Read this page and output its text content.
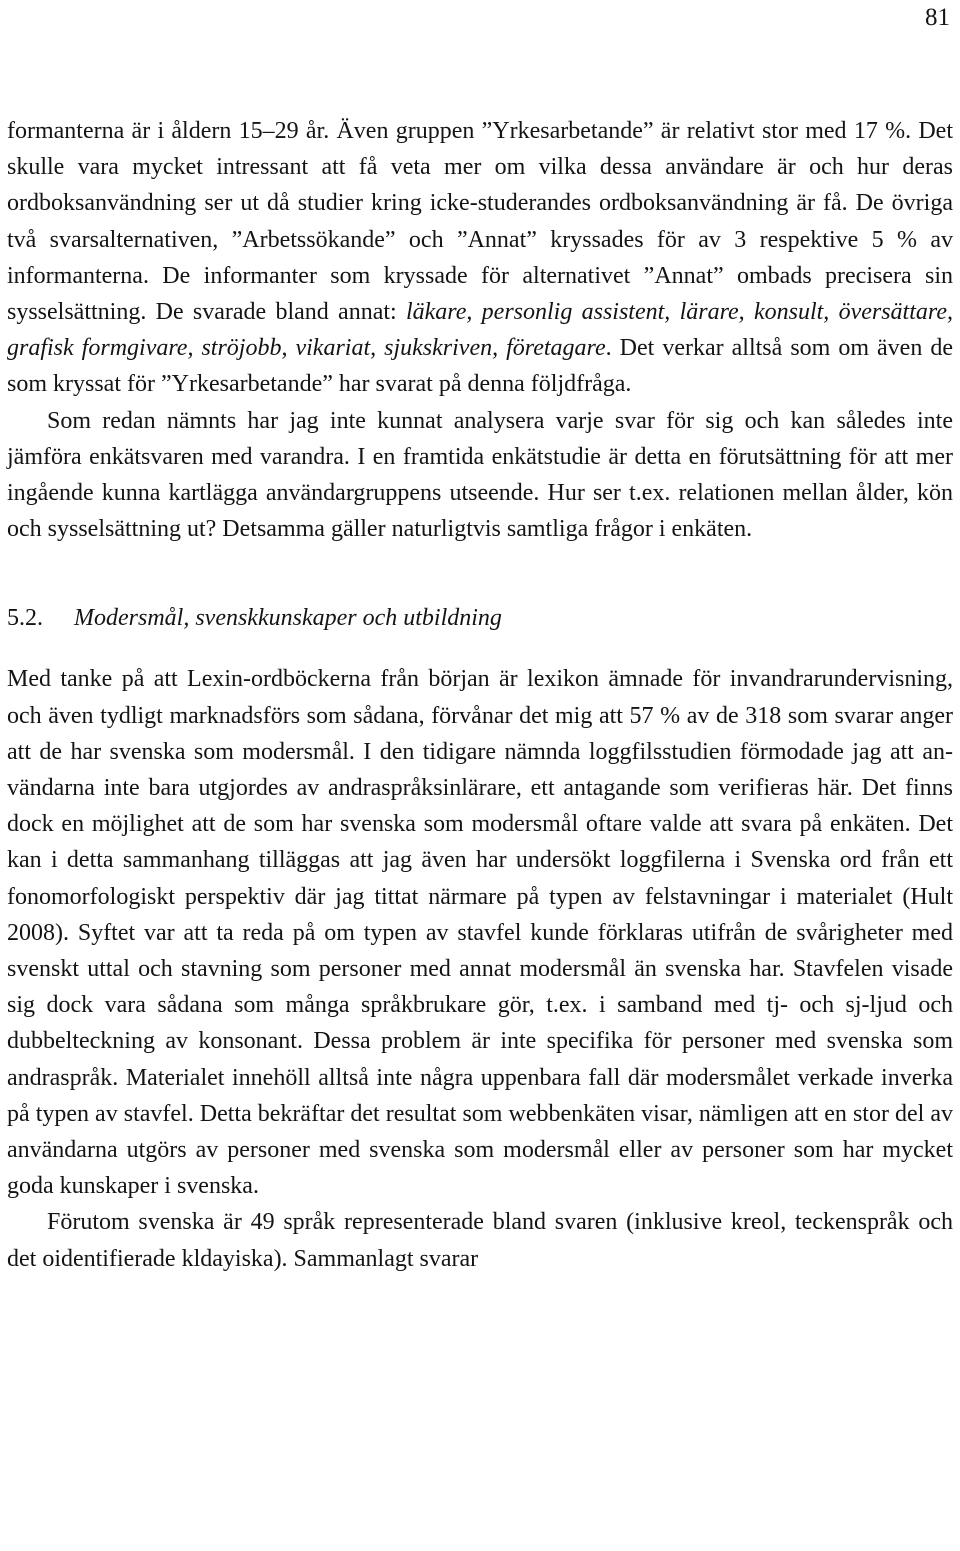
81

formanterna är i åldern 15–29 år. Även gruppen ”Yrkesarbetande” är relativt stor med 17 %. Det skulle vara mycket intressant att få veta mer om vilka dessa användare är och hur deras ordboksanvändning ser ut då studier kring icke-studerandes ordboksanvändning är få. De övriga två svarsalternativen, ”Arbetssökande” och ”Annat” kryssades för av 3 respektive 5 % av informanterna. De informanter som kryssade för alternativet ”Annat” ombads precisera sin sysselsättning. De svarade bland annat: läkare, personlig assistent, lärare, konsult, översättare, grafisk formgivare, ströjobb, vikariat, sjukskriven, företagare. Det verkar alltså som om även de som kryssat för ”Yrkesarbetande” har svarat på denna följdfråga.

Som redan nämnts har jag inte kunnat analysera varje svar för sig och kan således inte jämföra enkätsvaren med varandra. I en framtida enkätstudie är detta en förutsättning för att mer ingående kunna kartlägga användargruppens utseende. Hur ser t.ex. relationen mellan ålder, kön och sysselsättning ut? Detsamma gäller naturligtvis samtliga frågor i enkäten.

5.2. Modersmål, svenskkunskaper och utbildning

Med tanke på att Lexin-ordböckerna från början är lexikon ämnade för invandrarundervisning, och även tydligt marknadsförs som sådana, förvånar det mig att 57 % av de 318 som svarar anger att de har svenska som modersmål. I den tidigare nämnda loggfilsstudien förmodade jag att användarna inte bara utgjordes av andraspråksinlärare, ett antagande som verifieras här. Det finns dock en möjlighet att de som har svenska som modersmål oftare valde att svara på enkäten. Det kan i detta sammanhang tilläggas att jag även har undersökt loggfilerna i Svenska ord från ett fonomorfologiskt perspektiv där jag tittat närmare på typen av felstavningar i materialet (Hult 2008). Syftet var att ta reda på om typen av stavfel kunde förklaras utifrån de svårigheter med svenskt uttal och stavning som personer med annat modersmål än svenska har. Stavfelen visade sig dock vara sådana som många språkbrukare gör, t.ex. i samband med tj- och sj-ljud och dubbelteckning av konsonant. Dessa problem är inte specifika för personer med svenska som andraspråk. Materialet innehöll alltså inte några uppenbara fall där modersmålet verkade inverka på typen av stavfel. Detta bekräftar det resultat som webbenkäten visar, nämligen att en stor del av användarna utgörs av personer med svenska som modersmål eller av personer som har mycket goda kunskaper i svenska.

Förutom svenska är 49 språk representerade bland svaren (inklusive kreol, teckenspråk och det oidentifierade kldayiska). Sammanlagt svarar
